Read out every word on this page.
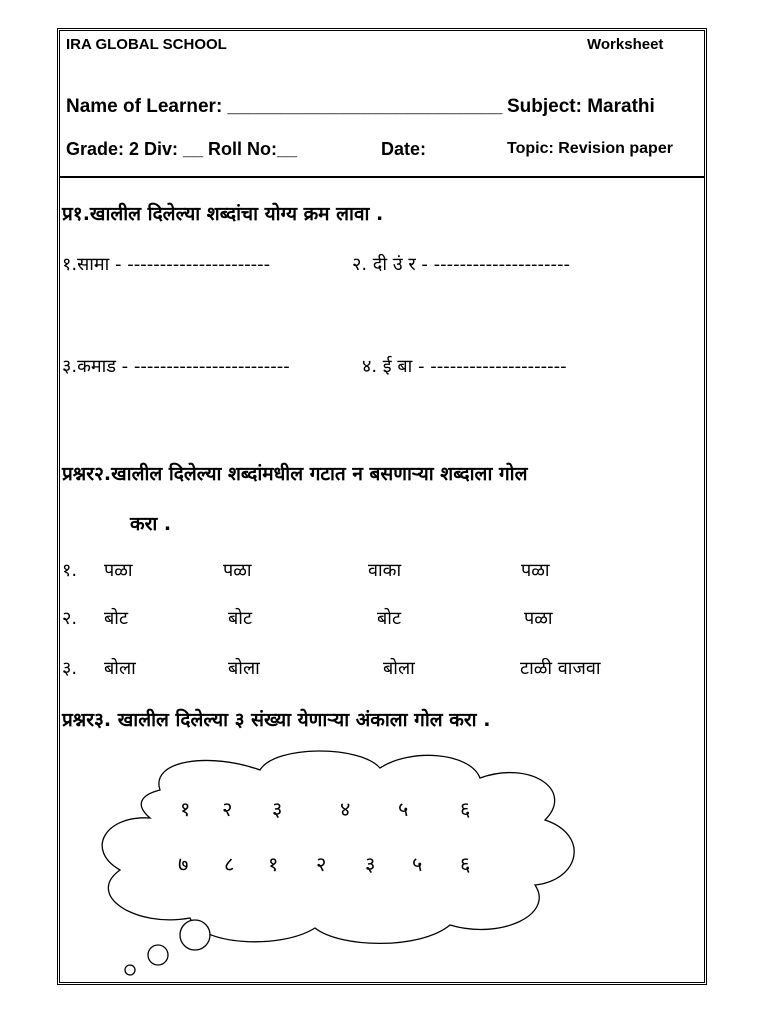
IRA GLOBAL SCHOOL	Worksheet
Name of Learner: __________________________ Subject: Marathi
Grade: 2 Div: __ Roll No:__	Date:	Topic: Revision paper
प्र१.खालील दिलेल्या शब्दांचा योग्य क्रम लावा .
१.सामा - ----------------------	२. दी उं र - ---------------------
३.कमाड - ------------------------	४. ई बा - ---------------------
प्रश्नर२.खालील दिलेल्या शब्दांमधील गटात न बसणाऱ्या शब्दाला गोल
करा .
१. पळा	पळा	वाका	पळा
२. बोट	बोट	बोट	पळा
३. बोला	बोला	बोला	टाळी वाजवा
प्रश्नर३. खालील दिलेल्या ३ संख्या येणाऱ्या अंकाला गोल करा .
१ २ ३	४ ५	६
७ ८ १ २ ३ ५ ६
